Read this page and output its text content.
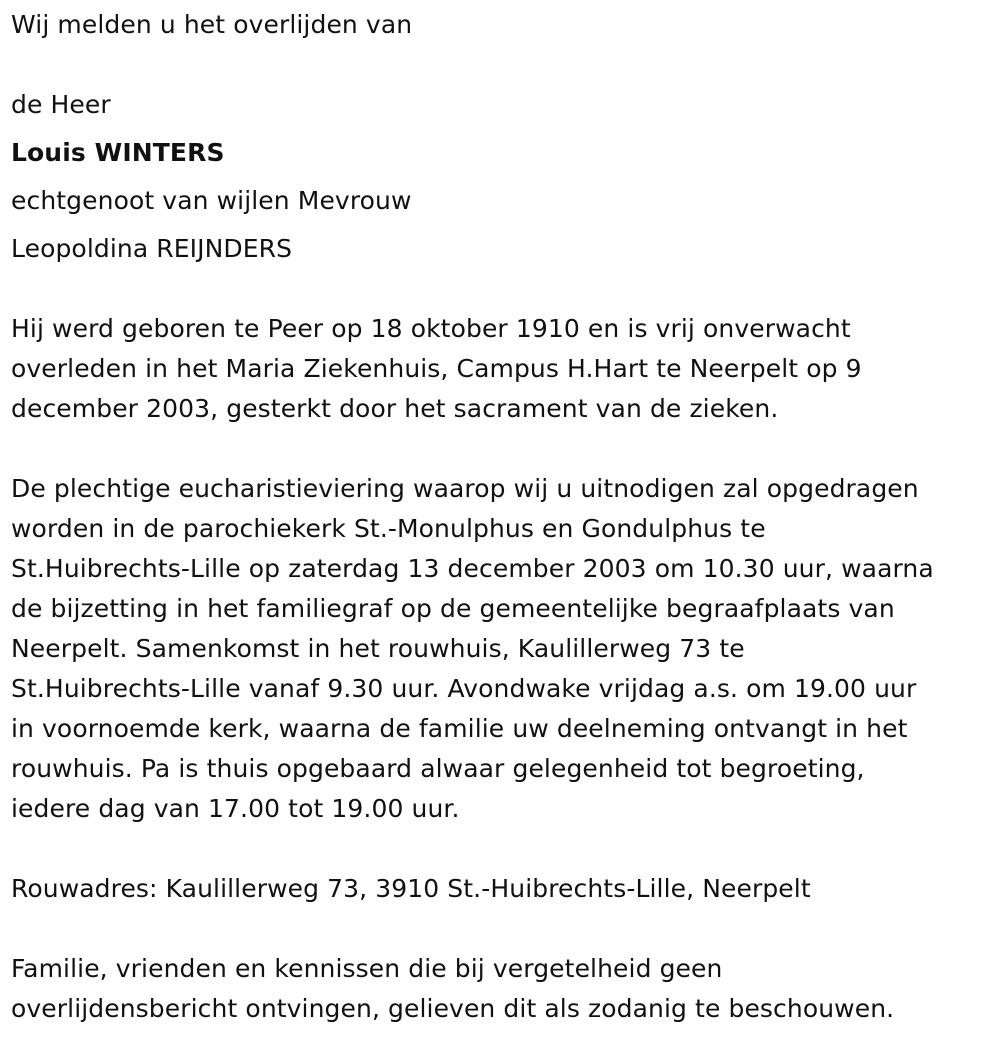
Wij melden u het overlijden van
de Heer
Louis WINTERS
echtgenoot van wijlen Mevrouw
Leopoldina REIJNDERS
Hij werd geboren te Peer op 18 oktober 1910 en is vrij onverwacht
overleden in het Maria Ziekenhuis, Campus H.Hart te Neerpelt op 9
december 2003, gesterkt door het sacrament van de zieken.
De plechtige eucharistieviering waarop wij u uitnodigen zal opgedragen
worden in de parochiekerk St.-Monulphus en Gondulphus te
St.Huibrechts-Lille op zaterdag 13 december 2003 om 10.30 uur, waarna
de bijzetting in het familiegraf op de gemeentelijke begraafplaats van
Neerpelt. Samenkomst in het rouwhuis, Kaulillerweg 73 te
St.Huibrechts-Lille vanaf 9.30 uur. Avondwake vrijdag a.s. om 19.00 uur
in voornoemde kerk, waarna de familie uw deelneming ontvangt in het
rouwhuis. Pa is thuis opgebaard alwaar gelegenheid tot begroeting,
iedere dag van 17.00 tot 19.00 uur.
Rouwadres: Kaulillerweg 73, 3910 St.-Huibrechts-Lille, Neerpelt
Familie, vrienden en kennissen die bij vergetelheid geen
overlijdensbericht ontvingen, gelieven dit als zodanig te beschouwen.
